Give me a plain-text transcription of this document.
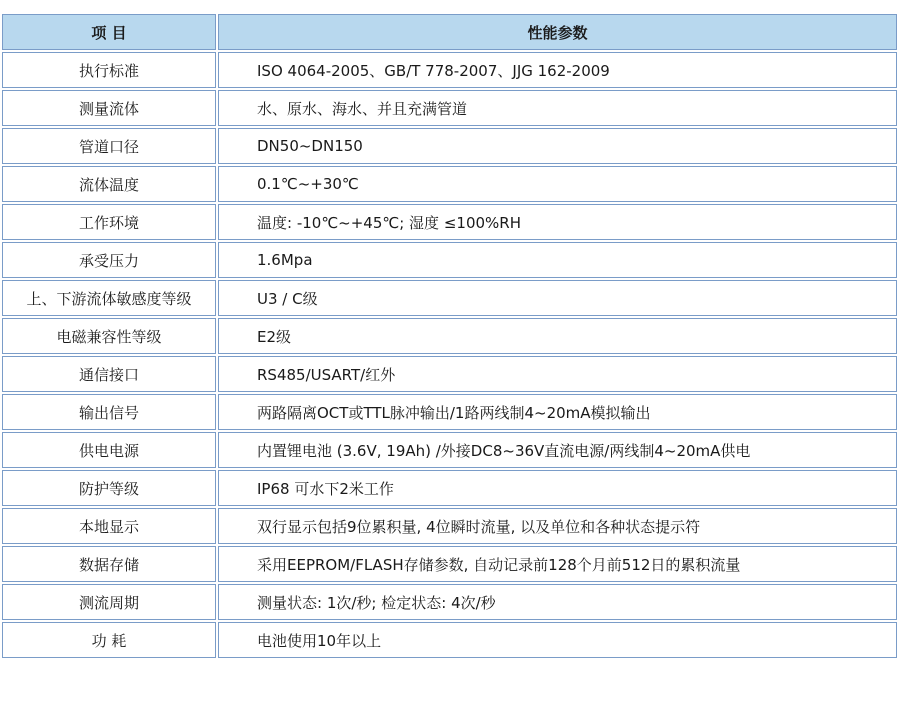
项 目	性能参数
执行标准	ISO 4064-2005、GB/T 778-2007、JJG 162-2009
测量流体	水、原水、海水、并且充满管道
管道口径	DN50~DN150
流体温度	0.1℃~+30℃
工作环境	温度: -10℃~+45℃; 湿度 ≤100%RH
承受压力	1.6Mpa
上、下游流体敏感度等级	U3 / C级
电磁兼容性等级	E2级
通信接口	RS485/USART/红外
输出信号	两路隔离OCT或TTL脉冲输出/1路两线制4~20mA模拟输出
供电电源	内置锂电池 (3.6V, 19Ah) /外接DC8~36V直流电源/两线制4~20mA供电
防护等级	IP68 可水下2米工作
本地显示	双行显示包括9位累积量, 4位瞬时流量, 以及单位和各种状态提示符
数据存储	采用EEPROM/FLASH存储参数, 自动记录前128个月前512日的累积流量
测流周期	测量状态: 1次/秒; 检定状态: 4次/秒
功 耗	电池使用10年以上
